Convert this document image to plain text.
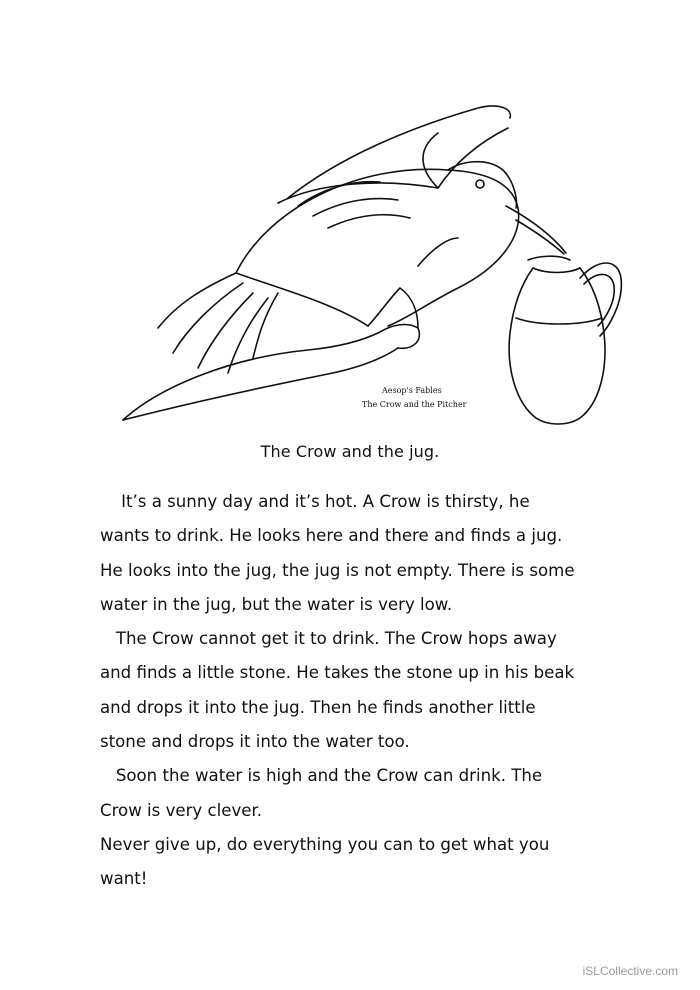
Aesop's Fables
The Crow and the Pitcher
The Crow and the jug.
It’s a sunny day and it’s hot. A Crow is thirsty, he
wants to drink. He looks here and there and finds a jug.
He looks into the jug, the jug is not empty. There is some
water in the jug, but the water is very low.
The Crow cannot get it to drink. The Crow hops away
and finds a little stone. He takes the stone up in his beak
and drops it into the jug. Then he finds another little
stone and drops it into the water too.
Soon the water is high and the Crow can drink. The
Crow is very clever.
Never give up, do everything you can to get what you
want!
iSLCollective.com
